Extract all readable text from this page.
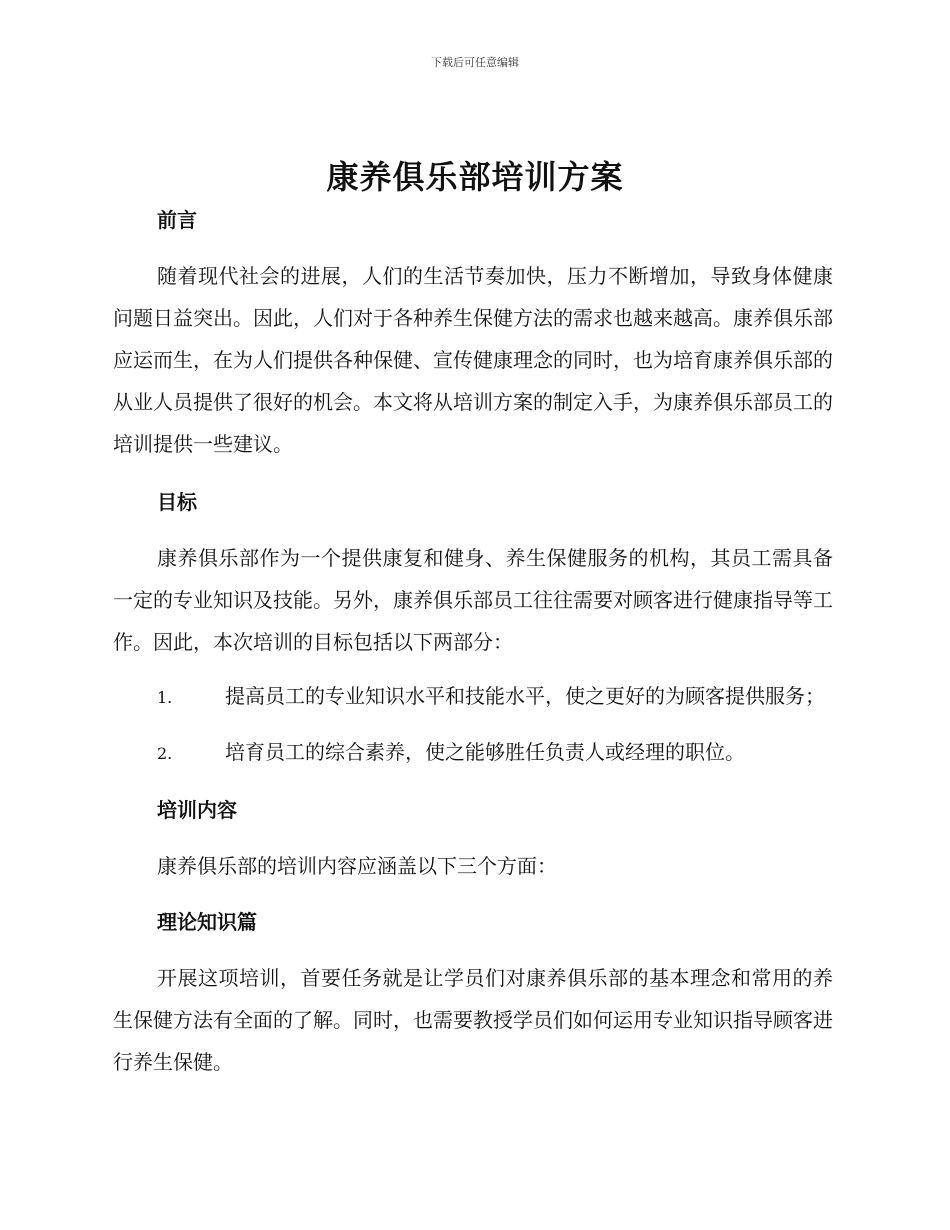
下载后可任意编辑
康养俱乐部培训方案
前言

随着现代社会的进展，人们的生活节奏加快，压力不断增加，导致身体健康问题日益突出。因此，人们对于各种养生保健方法的需求也越来越高。康养俱乐部应运而生，在为人们提供各种保健、宣传健康理念的同时，也为培育康养俱乐部的从业人员提供了很好的机会。本文将从培训方案的制定入手，为康养俱乐部员工的培训提供一些建议。

目标

康养俱乐部作为一个提供康复和健身、养生保健服务的机构，其员工需具备一定的专业知识及技能。另外，康养俱乐部员工往往需要对顾客进行健康指导等工作。因此，本次培训的目标包括以下两部分：

1.	提高员工的专业知识水平和技能水平，使之更好的为顾客提供服务；

2.	培育员工的综合素养，使之能够胜任负责人或经理的职位。

培训内容

康养俱乐部的培训内容应涵盖以下三个方面：

理论知识篇

开展这项培训，首要任务就是让学员们对康养俱乐部的基本理念和常用的养生保健方法有全面的了解。同时，也需要教授学员们如何运用专业知识指导顾客进行养生保健。
